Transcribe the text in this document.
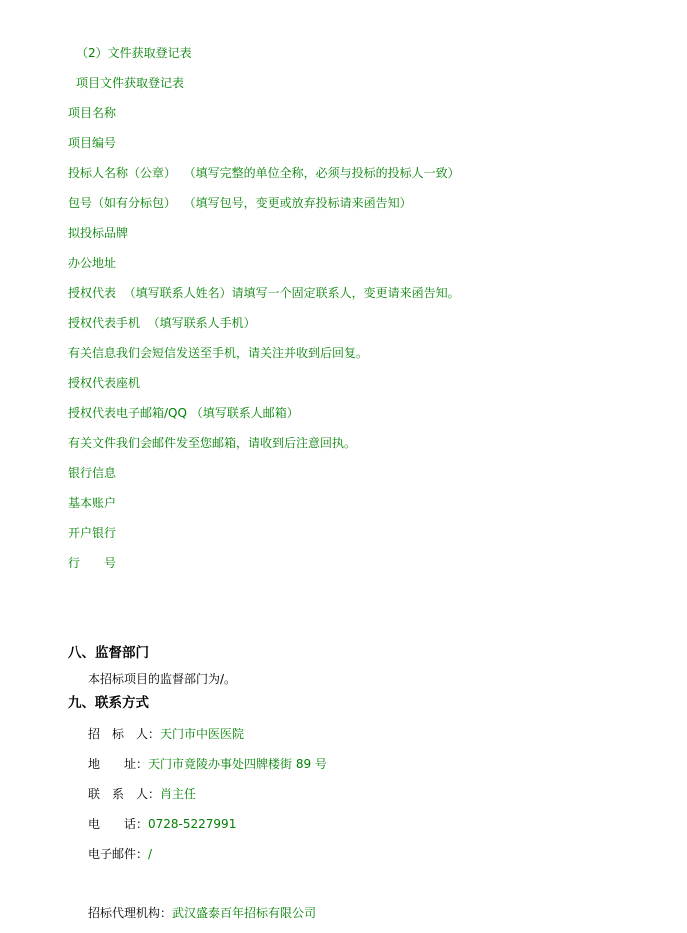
（2）文件获取登记表
项目文件获取登记表
项目名称
项目编号
投标人名称（公章） （填写完整的单位全称，必须与投标的投标人一致）
包号（如有分标包） （填写包号，变更或放弃投标请来函告知）
拟投标品牌
办公地址
授权代表 （填写联系人姓名）请填写一个固定联系人，变更请来函告知。
授权代表手机 （填写联系人手机）
有关信息我们会短信发送至手机，请关注并收到后回复。
授权代表座机
授权代表电子邮箱/QQ （填写联系人邮箱）
有关文件我们会邮件发至您邮箱，请收到后注意回执。
银行信息
基本账户
开户银行
行　　号
八、监督部门
本招标项目的监督部门为/。
九、联系方式
招　标　人：天门市中医医院
地　　址：天门市竟陵办事处四牌楼街 89 号
联　系　人：肖主任
电　　话：0728-5227991
电子邮件：/
招标代理机构：武汉盛泰百年招标有限公司
